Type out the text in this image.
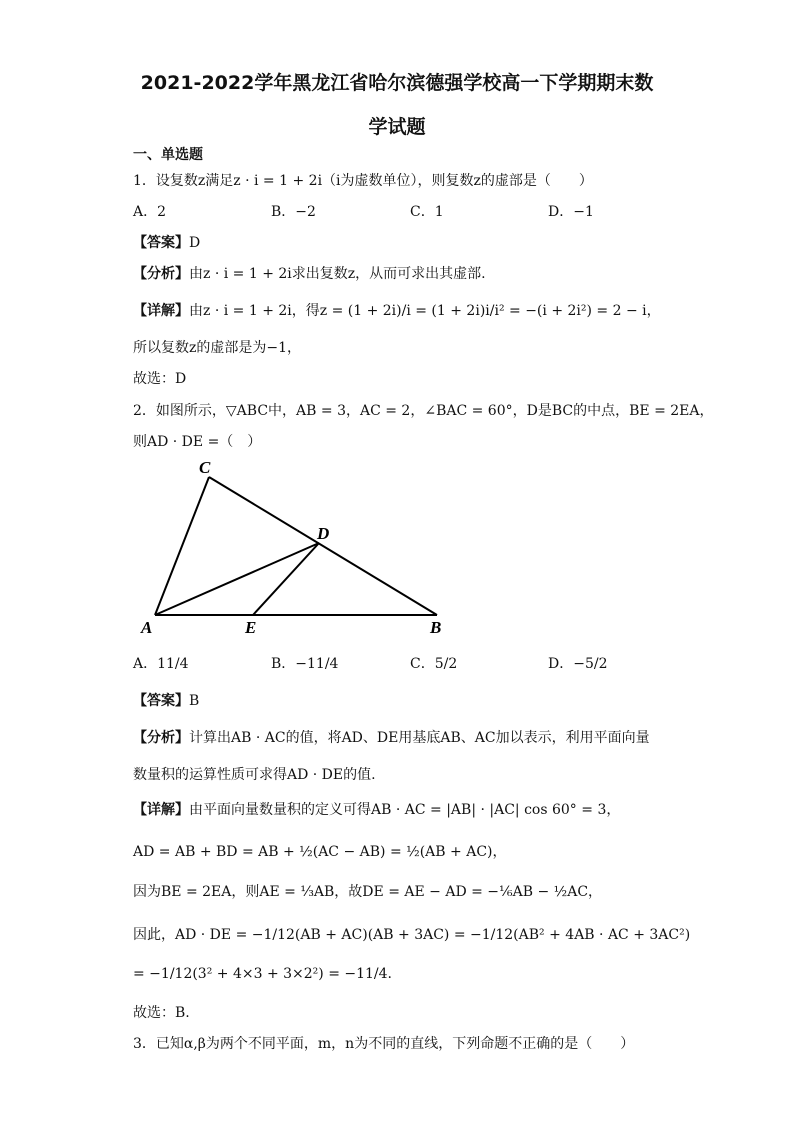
2021-2022学年黑龙江省哈尔滨德强学校高一下学期期末数
学试题
一、单选题
1．设复数z满足z · i = 1 + 2i（i为虚数单位），则复数z的虚部是（　　）
A．2	B．−2	C．1	D．−1
【答案】D
【分析】由z · i = 1 + 2i求出复数z，从而可求出其虚部.
【详解】由z · i = 1 + 2i，得z = (1 + 2i)/i = (1 + 2i)i/i² = −(i + 2i²) = 2 − i，
所以复数z的虚部是为−1，
故选：D
2．如图所示，▽ABC中，AB = 3，AC = 2，∠BAC = 60°，D是BC的中点，BE = 2EA，
则AD · DE =（　）
C
D
A	E	B
A．11/4	B．−11/4	C．5/2	D．−5/2
【答案】B
【分析】计算出AB · AC的值，将AD、DE用基底AB、AC加以表示，利用平面向量
数量积的运算性质可求得AD · DE的值.
【详解】由平面向量数量积的定义可得AB · AC = |AB| · |AC| cos 60° = 3，
AD = AB + BD = AB + ½(AC − AB) = ½(AB + AC)，
因为BE = 2EA，则AE = ⅓AB，故DE = AE − AD = −⅙AB − ½AC，
因此，AD · DE = −1/12(AB + AC)(AB + 3AC) = −1/12(AB² + 4AB · AC + 3AC²)
= −1/12(3² + 4×3 + 3×2²) = −11/4.
故选：B.
3．已知α,β为两个不同平面，m，n为不同的直线，下列命题不正确的是（　　）
